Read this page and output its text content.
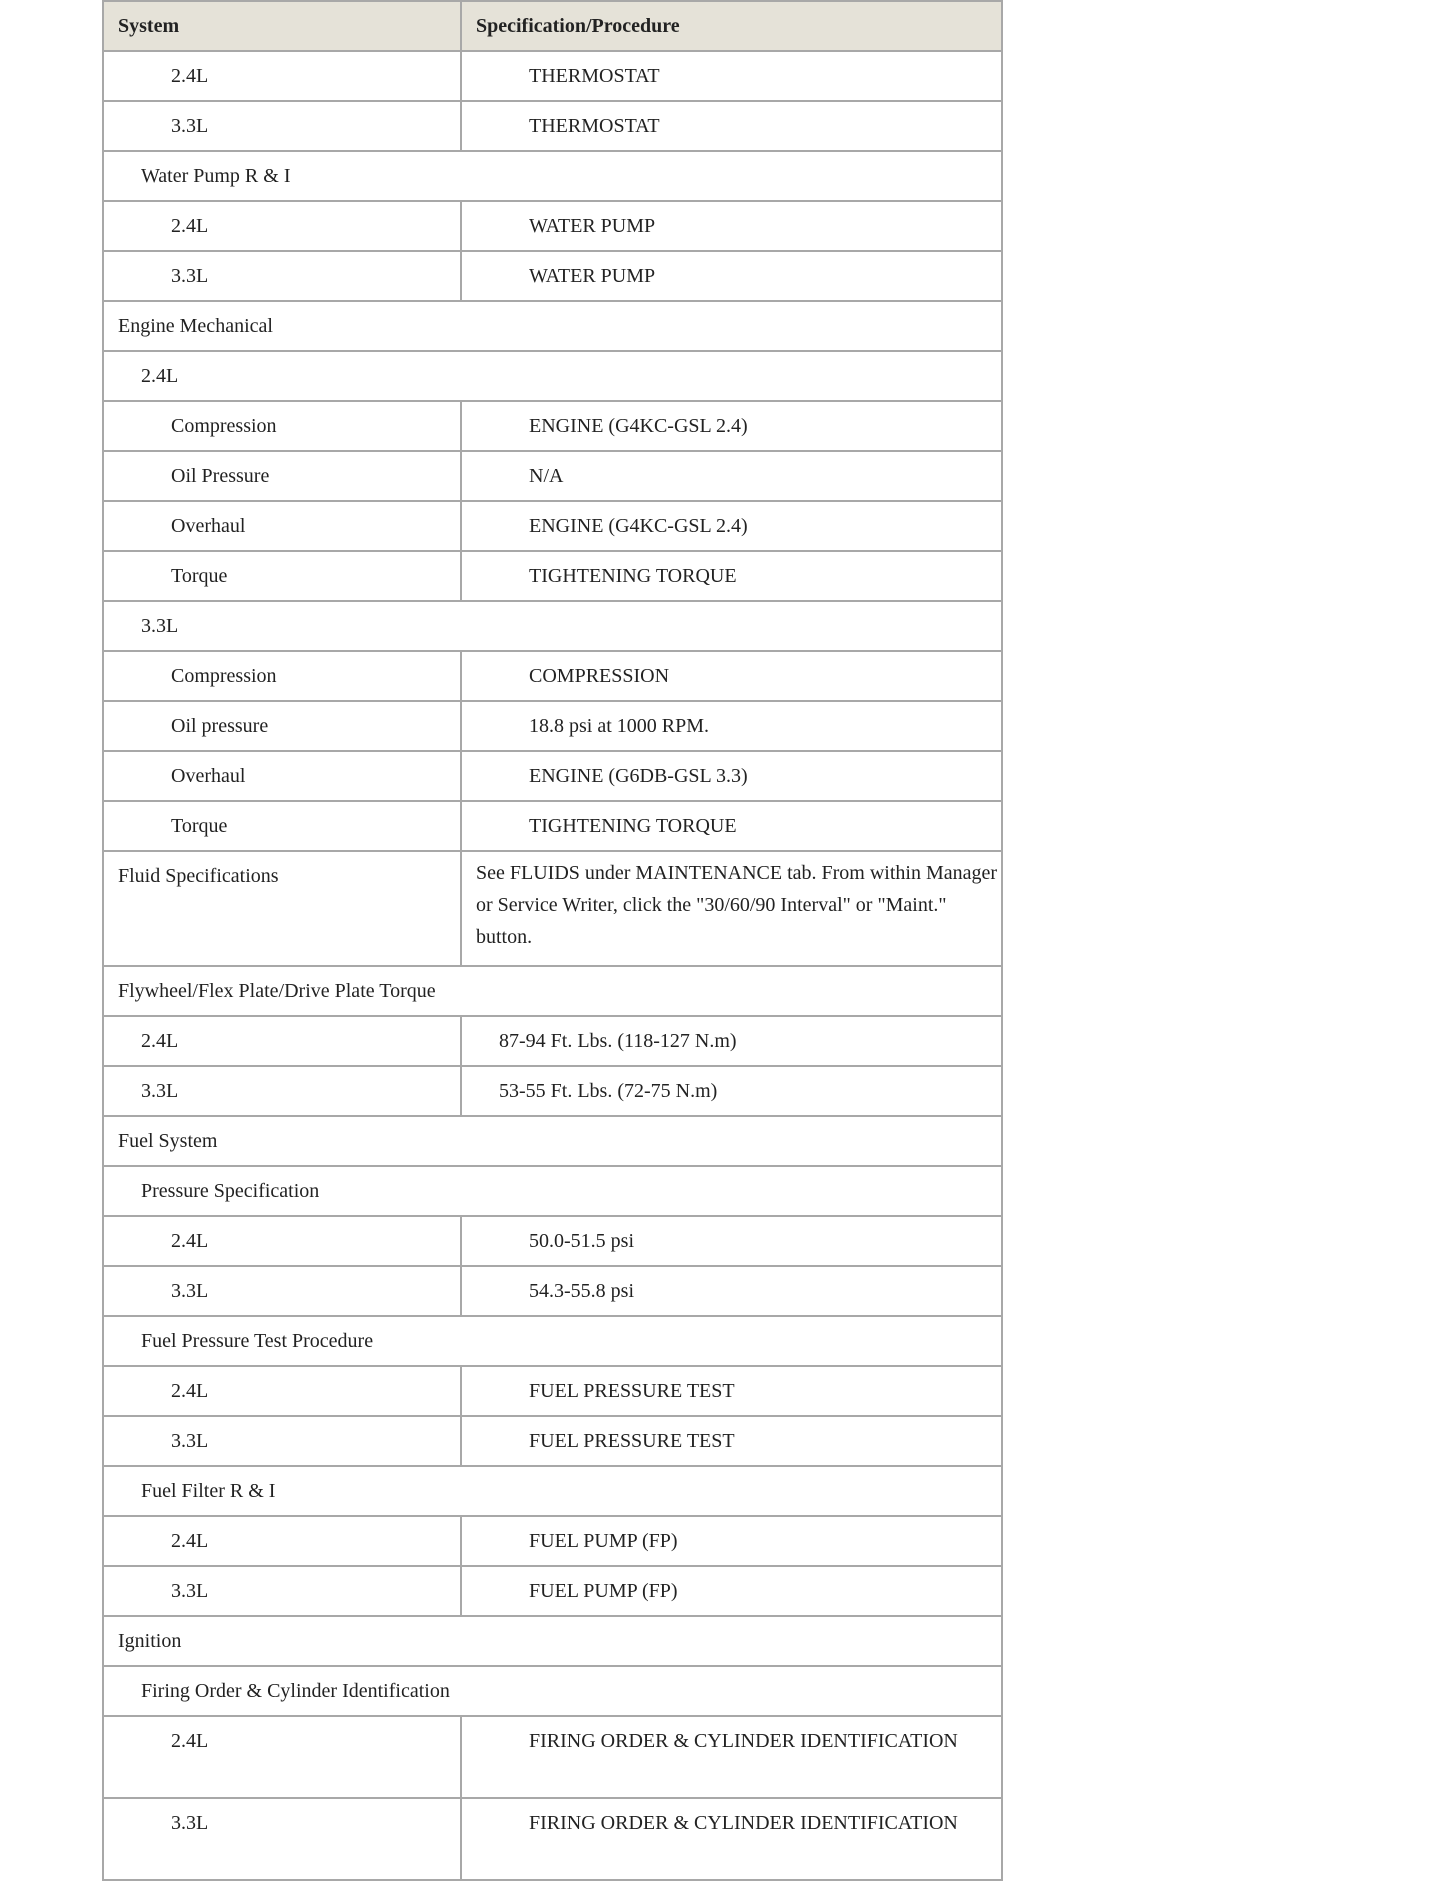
System	Specification/Procedure
2.4L	THERMOSTAT
3.3L	THERMOSTAT
Water Pump R & I	
2.4L	WATER PUMP
3.3L	WATER PUMP
Engine Mechanical	
2.4L	
Compression	ENGINE (G4KC-GSL 2.4)
Oil Pressure	N/A
Overhaul	ENGINE (G4KC-GSL 2.4)
Torque	TIGHTENING TORQUE
3.3L	
Compression	COMPRESSION
Oil pressure	18.8 psi at 1000 RPM.
Overhaul	ENGINE (G6DB-GSL 3.3)
Torque	TIGHTENING TORQUE
Fluid Specifications	See FLUIDS under MAINTENANCE tab. From within Manager or Service Writer, click the "30/60/90 Interval" or "Maint." button.
Flywheel/Flex Plate/Drive Plate Torque	
2.4L	87-94 Ft. Lbs. (118-127 N.m)
3.3L	53-55 Ft. Lbs. (72-75 N.m)
Fuel System	
Pressure Specification	
2.4L	50.0-51.5 psi
3.3L	54.3-55.8 psi
Fuel Pressure Test Procedure	
2.4L	FUEL PRESSURE TEST
3.3L	FUEL PRESSURE TEST
Fuel Filter R & I	
2.4L	FUEL PUMP (FP)
3.3L	FUEL PUMP (FP)
Ignition	
Firing Order & Cylinder Identification	
2.4L	FIRING ORDER & CYLINDER IDENTIFICATION
3.3L	FIRING ORDER & CYLINDER IDENTIFICATION
